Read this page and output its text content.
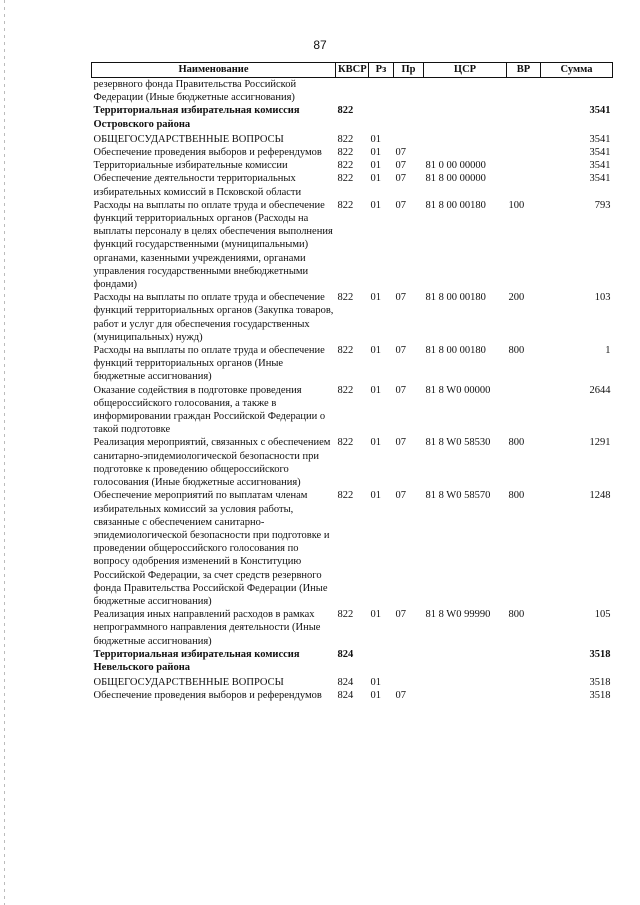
87
Наименование	КВСР	Рз	Пр	ЦСР	ВР	Сумма
резервного фонда Правительства Российской Федерации (Иные бюджетные ассигнования)						
Территориальная избирательная комиссия Островского района	822					3541
ОБЩЕГОСУДАРСТВЕННЫЕ ВОПРОСЫ	822	01				3541
Обеспечение проведения выборов и референдумов	822	01	07			3541
Территориальные избирательные комиссии	822	01	07	81 0 00 00000		3541
Обеспечение деятельности территориальных избирательных комиссий в Псковской области	822	01	07	81 8 00 00000		3541
Расходы на выплаты по оплате труда и обеспечение функций территориальных органов (Расходы на выплаты персоналу в целях обеспечения выполнения функций государственными (муниципальными) органами, казенными учреждениями, органами управления государственными внебюджетными фондами)	822	01	07	81 8 00 00180	100	793
Расходы на выплаты по оплате труда и обеспечение функций территориальных органов (Закупка товаров, работ и услуг для обеспечения государственных (муниципальных) нужд)	822	01	07	81 8 00 00180	200	103
Расходы на выплаты по оплате труда и обеспечение функций территориальных органов (Иные бюджетные ассигнования)	822	01	07	81 8 00 00180	800	1
Оказание содействия в подготовке проведения общероссийского голосования, а также в информировании граждан Российской Федерации о такой подготовке	822	01	07	81 8 W0 00000		2644
Реализация мероприятий, связанных с обеспечением санитарно-эпидемиологической безопасности при подготовке к проведению общероссийского голосования (Иные бюджетные ассигнования)	822	01	07	81 8 W0 58530	800	1291
Обеспечение мероприятий по выплатам членам избирательных комиссий за условия работы, связанные с обеспечением санитарно-эпидемиологической безопасности при подготовке и проведении общероссийского голосования по вопросу одобрения изменений в Конституцию Российской Федерации, за счет средств резервного фонда Правительства Российской Федерации (Иные бюджетные ассигнования)	822	01	07	81 8 W0 58570	800	1248
Реализация иных направлений расходов в рамках непрограммного направления деятельности (Иные бюджетные ассигнования)	822	01	07	81 8 W0 99990	800	105
Территориальная избирательная комиссия Невельского района	824					3518
ОБЩЕГОСУДАРСТВЕННЫЕ ВОПРОСЫ	824	01				3518
Обеспечение проведения выборов и референдумов	824	01	07			3518
